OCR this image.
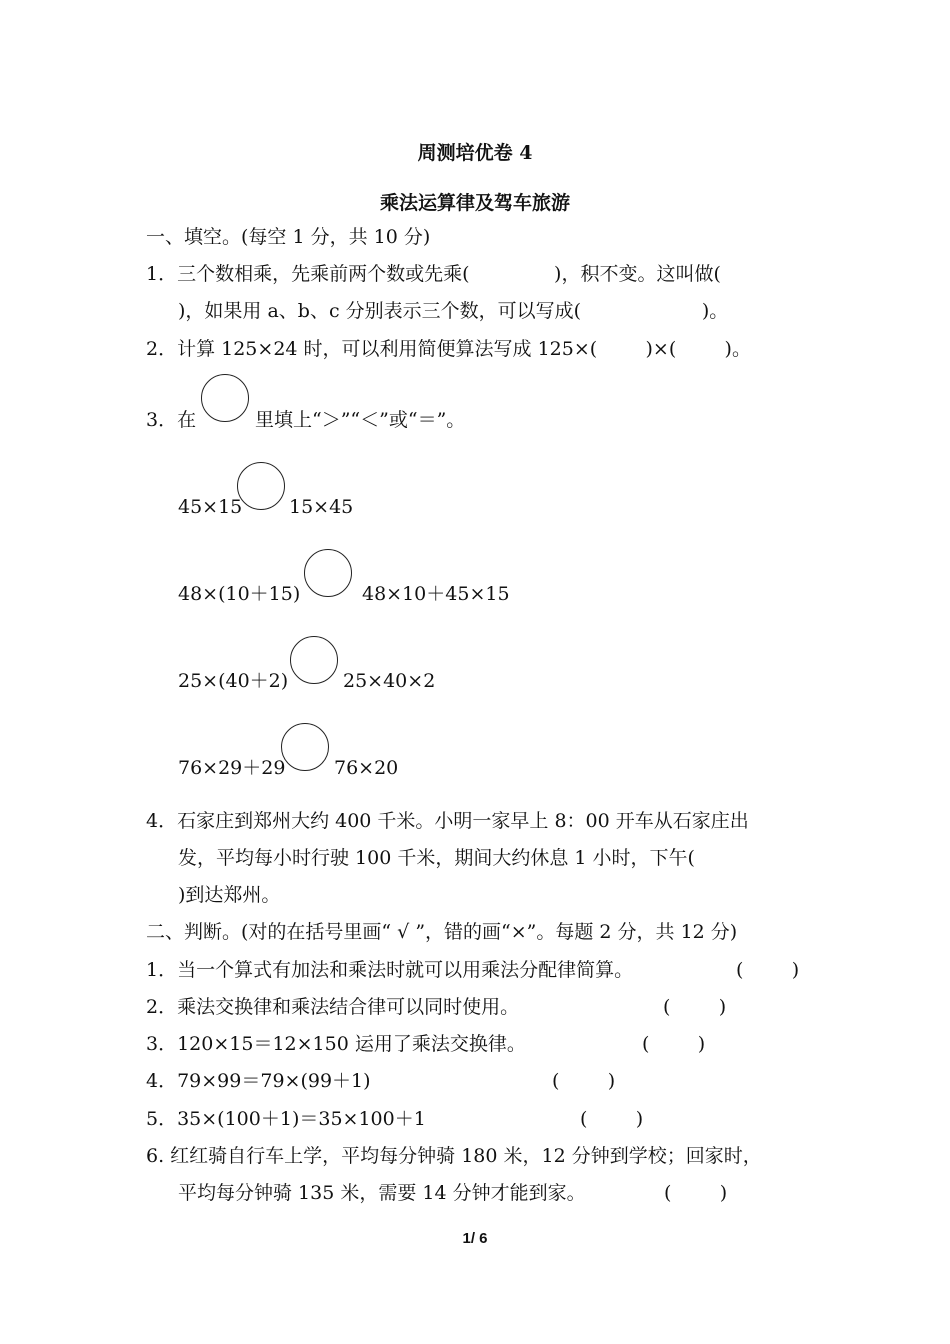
周测培优卷 4
乘法运算律及驾车旅游
一、填空。(每空 1 分，共 10 分)
1．三个数相乘，先乘前两个数或先乘(              )，积不变。这叫做(
)，如果用 a、b、c 分别表示三个数，可以写成(                    )。
2．计算 125×24 时，可以利用简便算法写成 125×(        )×(        )。
3．在	里填上“＞”“＜”或“＝”。
45×15 15×45
48×(10＋15)	48×10＋45×15
25×(40＋2)	25×40×2
76×29＋29	76×20
4．石家庄到郑州大约 400 千米。小明一家早上 8：00 开车从石家庄出
发，平均每小时行驶 100 千米，期间大约休息 1 小时，下午(
)到达郑州。
二、判断。(对的在括号里画“ √ ”，错的画“×”。每题 2 分，共 12 分)
1．当一个算式有加法和乘法时就可以用乘法分配律简算。	(        )
2．乘法交换律和乘法结合律可以同时使用。	(        )
3．120×15＝12×150 运用了乘法交换律。	(        )
4．79×99＝79×(99＋1)	(        )
5．35×(100＋1)＝35×100＋1	(        )
6. 红红骑自行车上学，平均每分钟骑 180 米，12 分钟到学校；回家时，
平均每分钟骑 135 米，需要 14 分钟才能到家。	(        )
1/ 6
